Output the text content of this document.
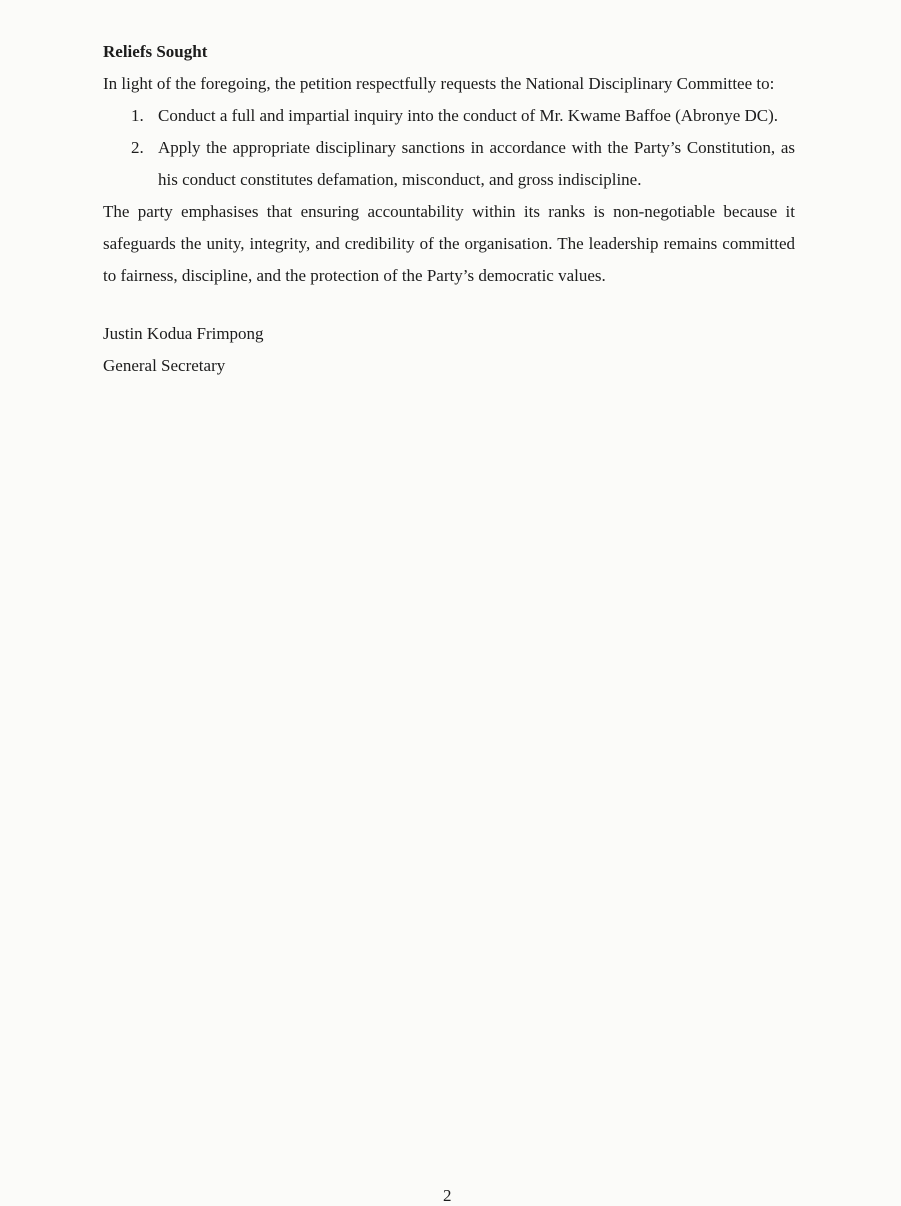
Reliefs Sought

In light of the foregoing, the petition respectfully requests the National Disciplinary Committee to:

1. Conduct a full and impartial inquiry into the conduct of Mr. Kwame Baffoe (Abronye DC).
2. Apply the appropriate disciplinary sanctions in accordance with the Party’s Constitution, as his conduct constitutes defamation, misconduct, and gross indiscipline.

The party emphasises that ensuring accountability within its ranks is non-negotiable because it safeguards the unity, integrity, and credibility of the organisation. The leadership remains committed to fairness, discipline, and the protection of the Party’s democratic values.

Justin Kodua Frimpong

General Secretary

2
